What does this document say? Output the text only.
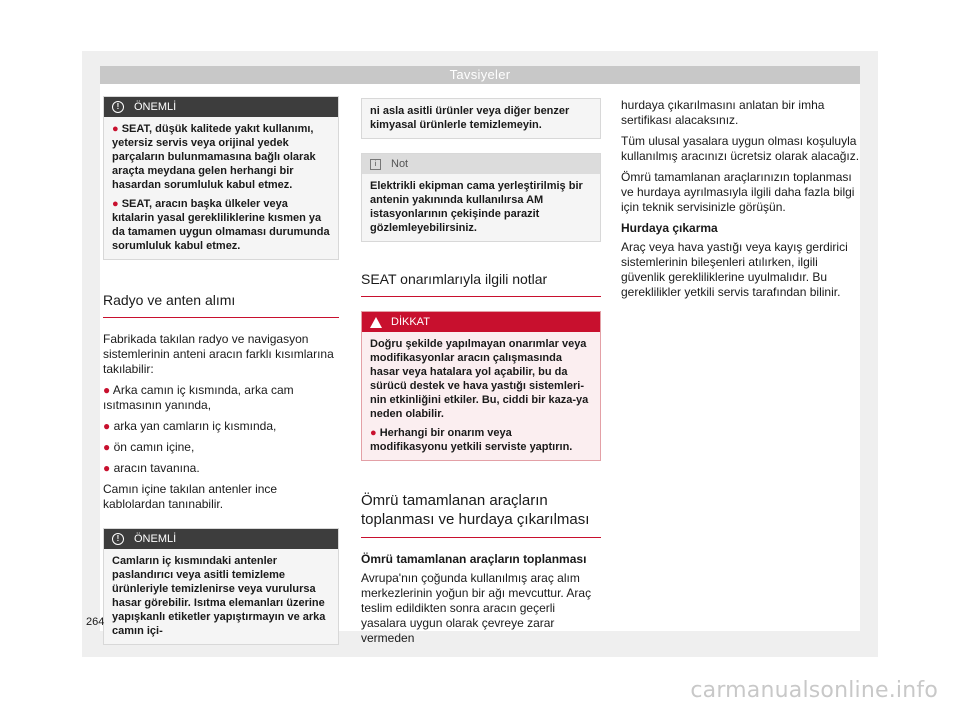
Tavsiyeler
!	ÖNEMLİ

● SEAT, düşük kalitede yakıt kullanımı, yetersiz servis veya orijinal yedek parçaların bulunmamasına bağlı olarak araçta meydana gelen herhangi bir hasardan sorumluluk kabul etmez.

● SEAT, aracın başka ülkeler veya kıtalarin yasal gerekliliklerine kısmen ya da tamamen uygun olmaması durumunda sorumluluk kabul etmez.

Radyo ve anten alımı

Fabrikada takılan radyo ve navigasyon sistemlerinin anteni aracın farklı kısımlarına takılabilir:

● Arka camın iç kısmında, arka cam ısıtmasının yanında,

● arka yan camların iç kısmında,

● ön camın içine,

● aracın tavanına.

Camın içine takılan antenler ince kablolardan tanınabilir.

!	ÖNEMLİ

Camların iç kısmındaki antenler paslandırıcı veya asitli temizleme ürünleriyle temizlenirse veya vurulursa hasar görebilir. Isıtma elemanları üzerine yapışkanlı etiketler yapıştırmayın ve arka camın içi-

ni asla asitli ürünler veya diğer benzer kimyasal ürünlerle temizlemeyin.

i	Not

Elektrikli ekipman cama yerleştirilmiş bir antenin yakınında kullanılırsa AM istasyonlarının çekişinde parazit gözlemleyebilirsiniz.

SEAT onarımlarıyla ilgili notlar
DİKKAT

Doğru şekilde yapılmayan onarımlar veya modifikasyonlar aracın çalışmasında hasar veya hatalara yol açabilir, bu da sürücü destek ve hava yastığı sistemleri-nin etkinliğini etkiler. Bu, ciddi bir kaza-ya neden olabilir.

● Herhangi bir onarım veya modifikasyonu yetkili serviste yaptırın.

Ömrü tamamlanan araçların toplanması ve hurdaya çıkarılması

Ömrü tamamlanan araçların toplanması

Avrupa'nın çoğunda kullanılmış araç alım merkezlerinin yoğun bir ağı mevcuttur. Araç teslim edildikten sonra aracın geçerli yasalara uygun olarak çevreye zarar vermeden

hurdaya çıkarılmasını anlatan bir imha sertifikası alacaksınız.

Tüm ulusal yasalara uygun olması koşuluyla kullanılmış aracınızı ücretsiz olarak alacağız.

Ömrü tamamlanan araçlarınızın toplanması ve hurdaya ayrılmasıyla ilgili daha fazla bilgi için teknik servisinizle görüşün.

Hurdaya çıkarma

Araç veya hava yastığı veya kayış gerdirici sistemlerinin bileşenleri atılırken, ilgili güvenlik gerekliliklerine uyulmalıdır. Bu gereklilikler yetkili servis tarafından bilinir.

264
carmanualsonline.info
